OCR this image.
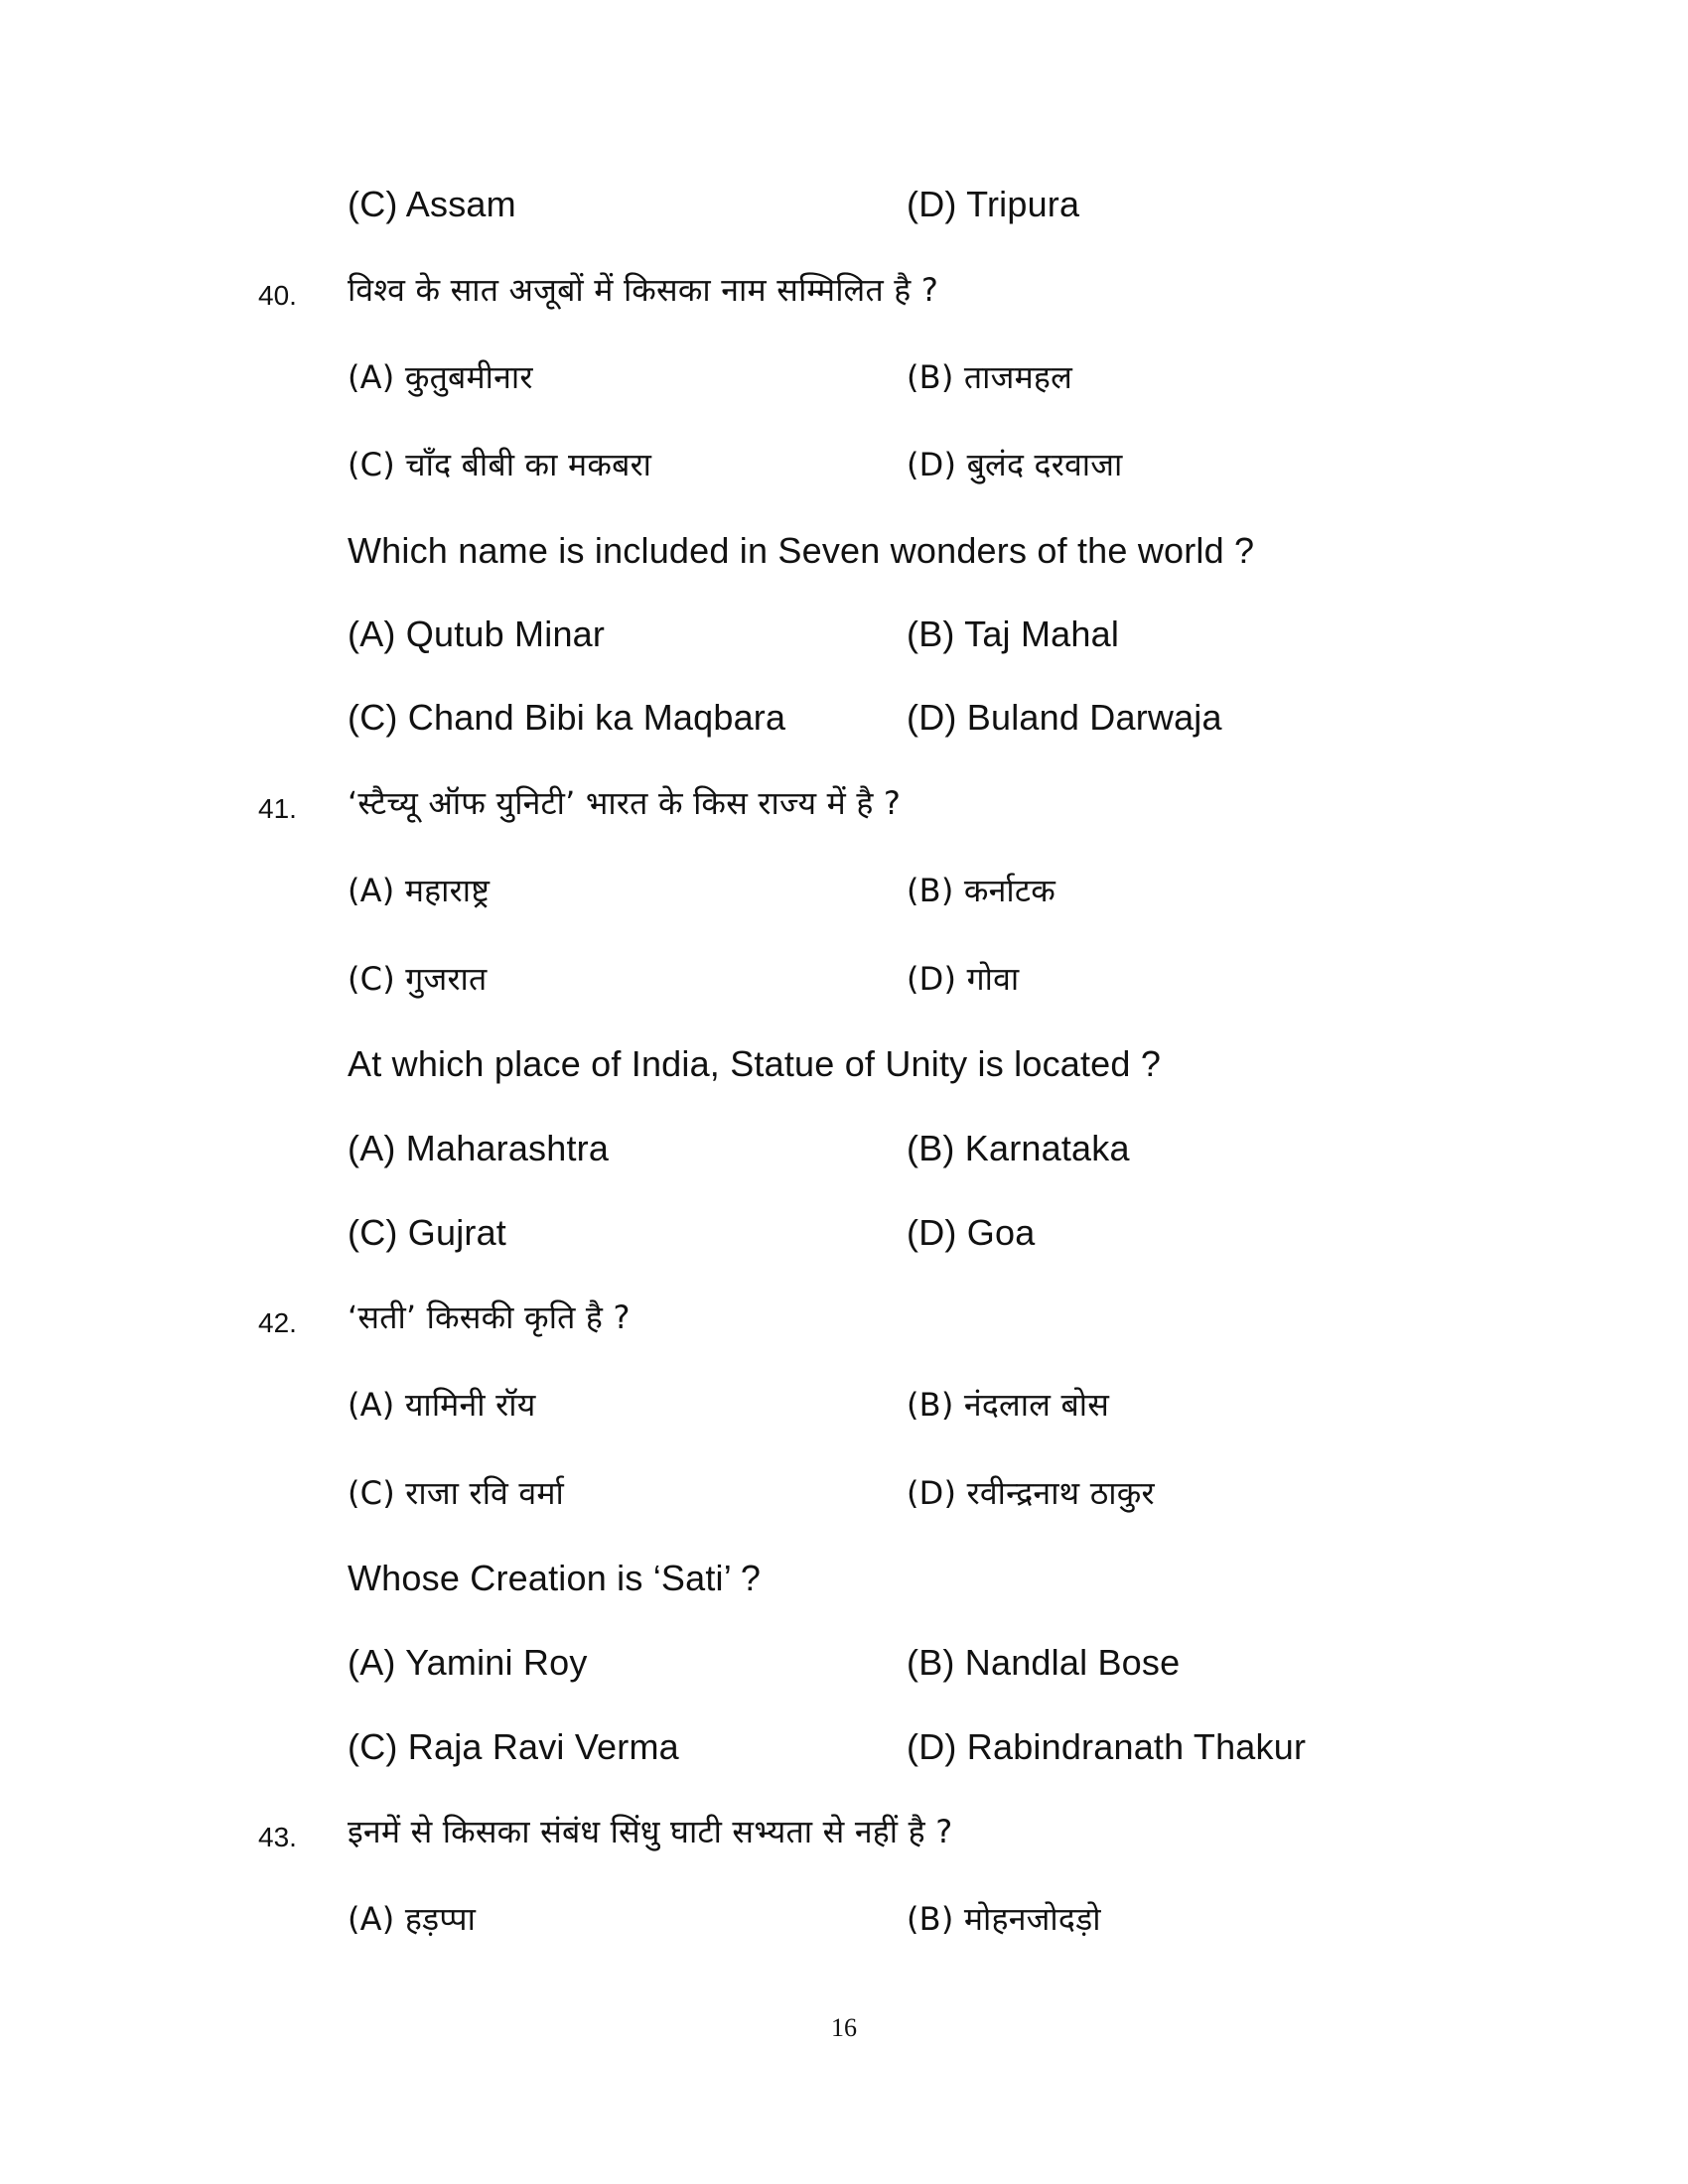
(C) Assam	(D) Tripura
40. विश्व के सात अजूबों में किसका नाम सम्मिलित है ?
(A) कुतुबमीनार	(B) ताजमहल
(C) चाँद बीबी का मकबरा	(D) बुलंद दरवाजा
Which name is included in Seven wonders of the world ?
(A) Qutub Minar	(B) Taj Mahal
(C) Chand Bibi ka Maqbara	(D) Buland Darwaja
41. ‘स्टैच्यू ऑफ युनिटी’ भारत के किस राज्य में है ?
(A) महाराष्ट्र	(B) कर्नाटक
(C) गुजरात	(D) गोवा
At which place of India, Statue of Unity is located ?
(A) Maharashtra	(B) Karnataka
(C) Gujrat	(D) Goa
42. ‘सती’ किसकी कृति है ?
(A) यामिनी रॉय	(B) नंदलाल बोस
(C) राजा रवि वर्मा	(D) रवीन्द्रनाथ ठाकुर
Whose Creation is ‘Sati’ ?
(A) Yamini Roy	(B) Nandlal Bose
(C) Raja Ravi Verma	(D) Rabindranath Thakur
43. इनमें से किसका संबंध सिंधु घाटी सभ्यता से नहीं है ?
(A) हड़प्पा	(B) मोहनजोदड़ो
16
